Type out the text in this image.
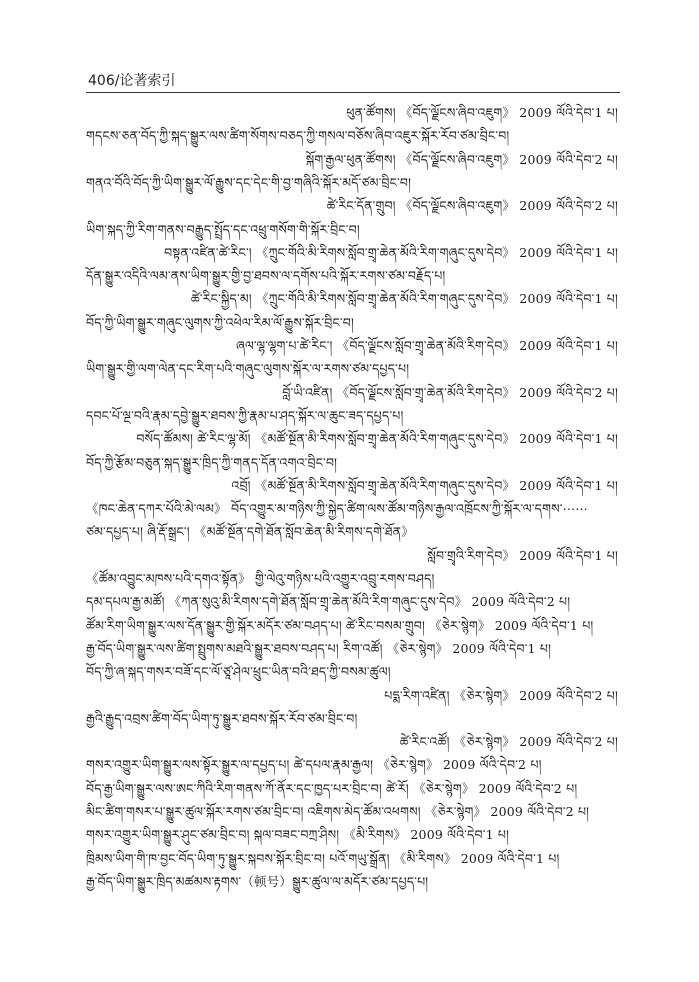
406/论著索引
ཕུན་ཚོགས། 《བོད་ལྗོངས་ཞིབ་འཇུག》 2009 ལོའི་དེབ་1 པ།
གདངས་ཅན་བོད་ཀྱི་སྐད་སྒྱུར་ལས་ཚིག་སོགས་བཅད་ཀྱི་གསལ་བཅོས་ཞིབ་འཇུར་སྐོར་རོབ་ཙམ་བྲིང་བ།
སྐོག་རྒྱལ་ཕུན་ཚོགས། 《བོད་ལྗོངས་ཞིབ་འཇུག》 2009 ལོའི་དེབ་2 པ།
གནའ་བོའི་བོད་ཀྱི་ཡིག་སྒྱུར་ལོ་རྒྱུས་དང་དེང་གི་བྱ་གཞིའི་སྐོར་མདོ་ཙམ་བྲིང་བ།
ཚེ་རིང་དོན་གྲུབ། 《བོད་ལྗོངས་ཞིབ་འཇུག》 2009 ལོའི་དེབ་2 པ།
ཡིག་སྐད་ཀྱི་རིག་གནས་བརྒྱུད་སྤྲོད་དང་འཕྲུ་གསོག་གི་སྐོར་བྲིང་བ།
བསྟན་འཛིན་ཚེ་རིང་། 《ཀྲུང་གོའི་མི་རིགས་སློབ་གྲྭ་ཆེན་མོའི་རིག་གཞུང་དུས་དེབ》 2009 ལོའི་དེབ་1 པ།
དོན་སྒྱུར་འདིའི་ལམ་ནས་ཡིག་སྒྱུར་གྱི་བྱ་ཐབས་ལ་དགོས་པའི་སྐོར་རགས་ཙམ་བརྗོད་པ།
ཚེ་རིང་སྐྱིད་མ། 《ཀྲུང་གོའི་མི་རིགས་སློབ་གྲྭ་ཆེན་མོའི་རིག་གཞུང་དུས་དེབ》 2009 ལོའི་དེབ་1 པ།
བོད་ཀྱི་ཡིག་སྒྱུར་གཞུང་ལུགས་ཀྱི་འཕེལ་རིམ་ལོ་རྒྱུས་སྐོར་བྲིང་བ།
ཞལ་ལྷ་ལྷག་པ་ཚེ་རིང་། 《བོད་ལྗོངས་སློབ་གྲྭ་ཆེན་མོའི་རིག་དེབ》 2009 ལོའི་དེབ་1 པ།
ཡིག་སྒྱུར་གྱི་ལག་ལེན་དང་རིག་པའི་གཞུང་ལུགས་སྐོར་ལ་རགས་ཙམ་དཔྱད་པ།
བློ་ཡི་འཛིན། 《བོད་ལྗོངས་སློབ་གྲྭ་ཆེན་མོའི་རིག་དེབ》 2009 ལོའི་དེབ་2 པ།
དབང་པོ་ལྔ་བའི་རྣམ་དབྱེ་སྒྱུར་ཐབས་ཀྱི་རྣམ་པ་ཤད་སྐོར་ལ་ཆུང་ཟད་དཔྱད་པ།
བསོད་ཚོམས། ཚེ་རིང་ལྷ་མོ། 《མཚོ་སྔོན་མི་རིགས་སློབ་གྲྭ་ཆེན་མོའི་རིག་གཞུང་དུས་དེབ》 2009 ལོའི་དེབ་1 པ།
བོད་ཀྱི་རྩོམ་བཅུན་སྐད་སྒྱུར་ཁྲིད་ཀྱི་གནད་དོན་འགའ་བྲིང་བ།
འབྲོ། 《མཚོ་སྔོན་མི་རིགས་སློབ་གྲྭ་ཆེན་མོའི་རིག་གཞུང་དུས་དེབ》 2009 ལོའི་དེབ་1 པ།
《ཁང་ཆེན་དཀར་པོའི་མེ་ལམ》 བོད་འགྱུར་མ་གཉིས་ཀྱི་སྐྱེད་ཚིག་ལས་ཚོམ་གཉིས་རྒྱལ་འཁྲོངས་ཀྱི་སྐོར་ལ་དགས་⋯⋯
ཙམ་དཔྱད་པ། ཞི་རྡོ་སྒྲང་། 《མཚོ་སྔོན་དགེ་ཐོན་སློབ་ཆེན་མི་རིགས་དགེ་ཐོན》
སློབ་གྲྭའི་རིག་དེབ》 2009 ལོའི་དེབ་1 པ།
《ཚོམ་འབྱུང་མཁས་པའི་དགའ་སྟོན》 གྱི་ལེའུ་གཉིས་པའི་འགྱུར་འབྲུ་རགས་བཤད།
དམ་དཔལ་རྒྱ་མཚོ། 《ཀན་སུའུ་མི་རིགས་དགེ་ཐོན་སློབ་གྲྭ་ཆེན་མོའི་རིག་གཞུང་དུས་དེབ》 2009 ལོའི་དེབ་2 པ།
ཚོམ་རིག་ཡིག་སྒྱུར་ལས་དོན་སྒྱུར་གྱི་སྐོར་མདོར་ཙམ་བཤད་པ། ཚེ་རིང་བསམ་གྲུབ། 《ཅེར་སྙེག》 2009 ལོའི་དེབ་1 པ།
རྒྱ་བོད་ཡིག་སྒྱུར་ལས་ཚིག་སྤྲུགས་མཐའི་སྒྱུར་ཐབས་བཤད་པ། རིག་འཚོ། 《ཅེར་སྙེག》 2009 ལོའི་དེབ་1 པ།
བོད་ཀྱི་ཞ་སྐད་གསར་བཟོ་དང་ལོ་ཙཱ་ཤེལ་ཕྲུང་ཡིན་བའི་ཐད་ཀྱི་བསམ་ཚུལ།
པདྨ་རིག་འཛིན། 《ཅེར་སྙེག》 2009 ལོའི་དེབ་2 པ།
རྒྱའི་རྒྱུད་འབྲས་ཚིག་བོད་ཡིག་ཏུ་སྒྱུར་ཐབས་སྐོར་རོབ་ཙམ་བྲིང་བ།
ཚེ་རིང་འཚོ། 《ཅེར་སྙེག》 2009 ལོའི་དེབ་2 པ།
གསར་འགྱུར་ཡིག་སྒྱུར་ལས་སྟོར་སྒྱུར་ལ་དཔྱད་པ། ཚེ་དཔལ་རྣམ་རྒྱལ། 《ཅེར་སྙེག》 2009 ལོའི་དེབ་2 པ།
བོད་རྒྱ་ཡིག་སྒྱུར་ལས་ཨང་ཀིའི་རིག་གནས་ཀོ་ནོར་དང་ཁྱད་པར་བྲིང་བ། ཚེ་རོ། 《ཅེར་སྙེག》 2009 ལོའི་དེབ་2 པ།
མིང་ཚིག་གསར་པ་སྒྱུར་ཚུལ་སྐོར་རགས་ཙམ་བྲིང་བ། འཇིགས་མེད་ཚོམ་འཕགས། 《ཅེར་སྙེག》 2009 ལོའི་དེབ་2 པ།
གསར་འགྱུར་ཡིག་སྒྱུར་ཤུང་ཙམ་བྲིང་བ། སྐལ་བཟང་བཀྲ་ཤིས། 《མི་རིགས》 2009 ལོའི་དེབ་1 པ།
ཁྲིམས་ཡིག་གི་ཁ་བྱང་བོད་ཡིག་ཏུ་སྒྱུར་སྐབས་སྐོར་བྲིང་བ། པའོ་གཡུ་སྒྲོན། 《མི་རིགས》 2009 ལོའི་དེབ་1 པ།
རྒྱ་བོད་ཡིག་སྒྱུར་ཁྲིད་མཚམས་རྟགས་（顿号）སྒྱུར་ཚུལ་ལ་མདོར་ཙམ་དཔྱད་པ།
